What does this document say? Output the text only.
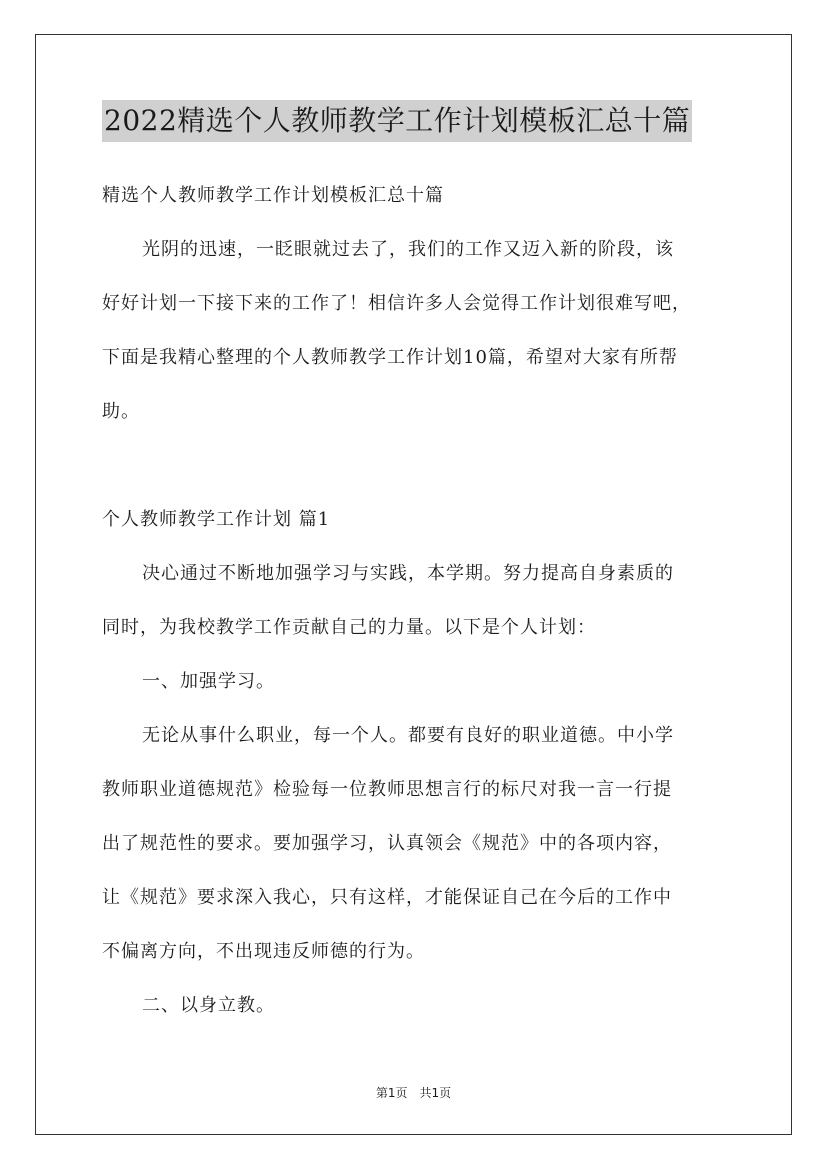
2022精选个人教师教学工作计划模板汇总十篇
精选个人教师教学工作计划模板汇总十篇
光阴的迅速，一眨眼就过去了，我们的工作又迈入新的阶段，该
好好计划一下接下来的工作了！相信许多人会觉得工作计划很难写吧，
下面是我精心整理的个人教师教学工作计划10篇，希望对大家有所帮
助。
个人教师教学工作计划 篇1
决心通过不断地加强学习与实践，本学期。努力提高自身素质的
同时，为我校教学工作贡献自己的力量。以下是个人计划：
一、加强学习。
无论从事什么职业，每一个人。都要有良好的职业道德。中小学
教师职业道德规范》检验每一位教师思想言行的标尺对我一言一行提
出了规范性的要求。要加强学习，认真领会《规范》中的各项内容，
让《规范》要求深入我心，只有这样，才能保证自己在今后的工作中
不偏离方向，不出现违反师德的行为。
二、以身立教。
第1页　共1页
